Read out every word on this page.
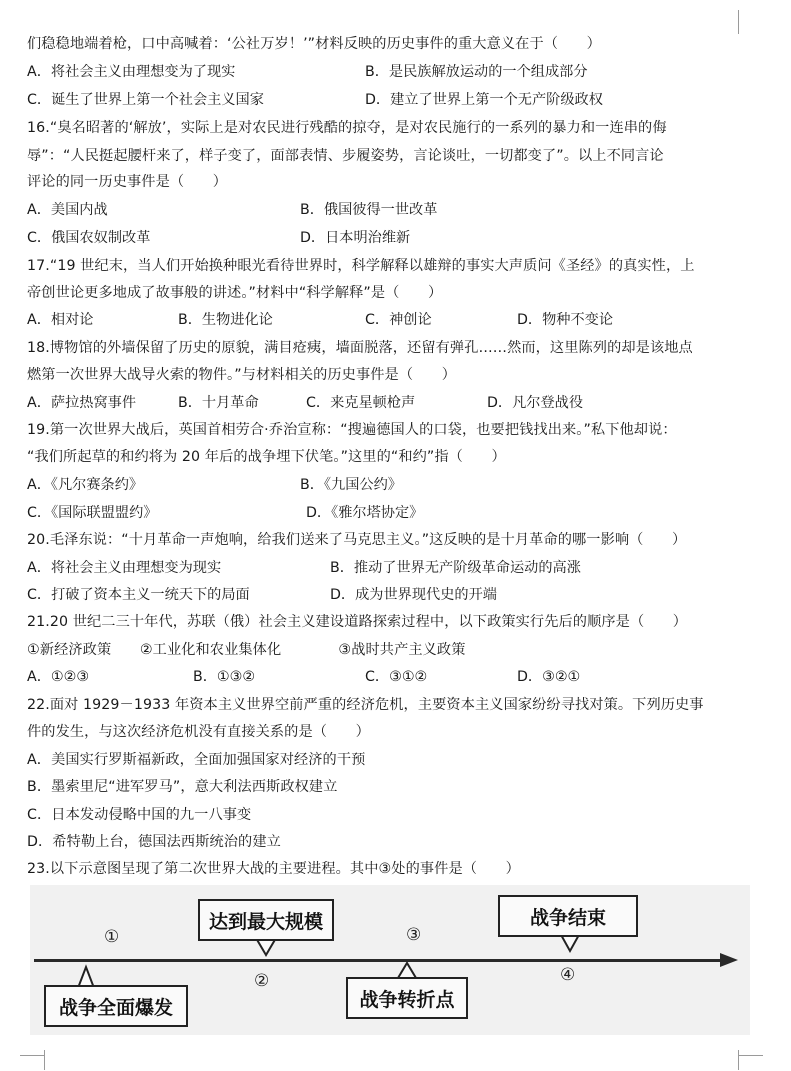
们稳稳地端着枪，口中高喊着：‘公社万岁！’”材料反映的历史事件的重大意义在于（　　）
A．将社会主义由理想变为了现实	B．是民族解放运动的一个组成部分
C．诞生了世界上第一个社会主义国家	D．建立了世界上第一个无产阶级政权
16.“臭名昭著的‘解放’，实际上是对农民进行残酷的掠夺，是对农民施行的一系列的暴力和一连串的侮
辱”：“人民挺起腰杆来了，样子变了，面部表情、步履姿势，言论谈吐，一切都变了”。以上不同言论
评论的同一历史事件是（　　）
A．美国内战	B．俄国彼得一世改革
C．俄国农奴制改革	D．日本明治维新
17.“19 世纪末，当人们开始换种眼光看待世界时，科学解释以雄辩的事实大声质问《圣经》的真实性，上
帝创世论更多地成了故事般的讲述。”材料中“科学解释”是（　　）
A．相对论	B．生物进化论	C．神创论	D．物种不变论
18.博物馆的外墙保留了历史的原貌，满目疮痍，墙面脱落，还留有弹孔……然而，这里陈列的却是该地点
燃第一次世界大战导火索的物件。”与材料相关的历史事件是（　　）
A．萨拉热窝事件	B．十月革命	C．来克星顿枪声	D．凡尔登战役
19.第一次世界大战后，英国首相劳合·乔治宣称：“搜遍德国人的口袋，也要把钱找出来。”私下他却说：
“我们所起草的和约将为 20 年后的战争埋下伏笔。”这里的“和约”指（　　）
A．《凡尔赛条约》	B．《九国公约》
C．《国际联盟盟约》	D．《雅尔塔协定》
20.毛泽东说：“十月革命一声炮响，给我们送来了马克思主义。”这反映的是十月革命的哪一影响（　　）
A．将社会主义由理想变为现实	B．推动了世界无产阶级革命运动的高涨
C．打破了资本主义一统天下的局面	D．成为世界现代史的开端
21.20 世纪二三十年代，苏联（俄）社会主义建设道路探索过程中，以下政策实行先后的顺序是（　　）
①新经济政策　　②工业化和农业集体化　　　　③战时共产主义政策
A．①②③	B．①③②	C．③①②	D．③②①
22.面对 1929－1933 年资本主义世界空前严重的经济危机，主要资本主义国家纷纷寻找对策。下列历史事
件的发生，与这次经济危机没有直接关系的是（　　）
A．美国实行罗斯福新政，全面加强国家对经济的干预
B．墨索里尼“进军罗马”，意大利法西斯政权建立
C．日本发动侵略中国的九一八事变
D．希特勒上台，德国法西斯统治的建立
23.以下示意图呈现了第二次世界大战的主要进程。其中③处的事件是（　　）
达到最大规模	战争结束
战争全面爆发	战争转折点
①
②
③
④
